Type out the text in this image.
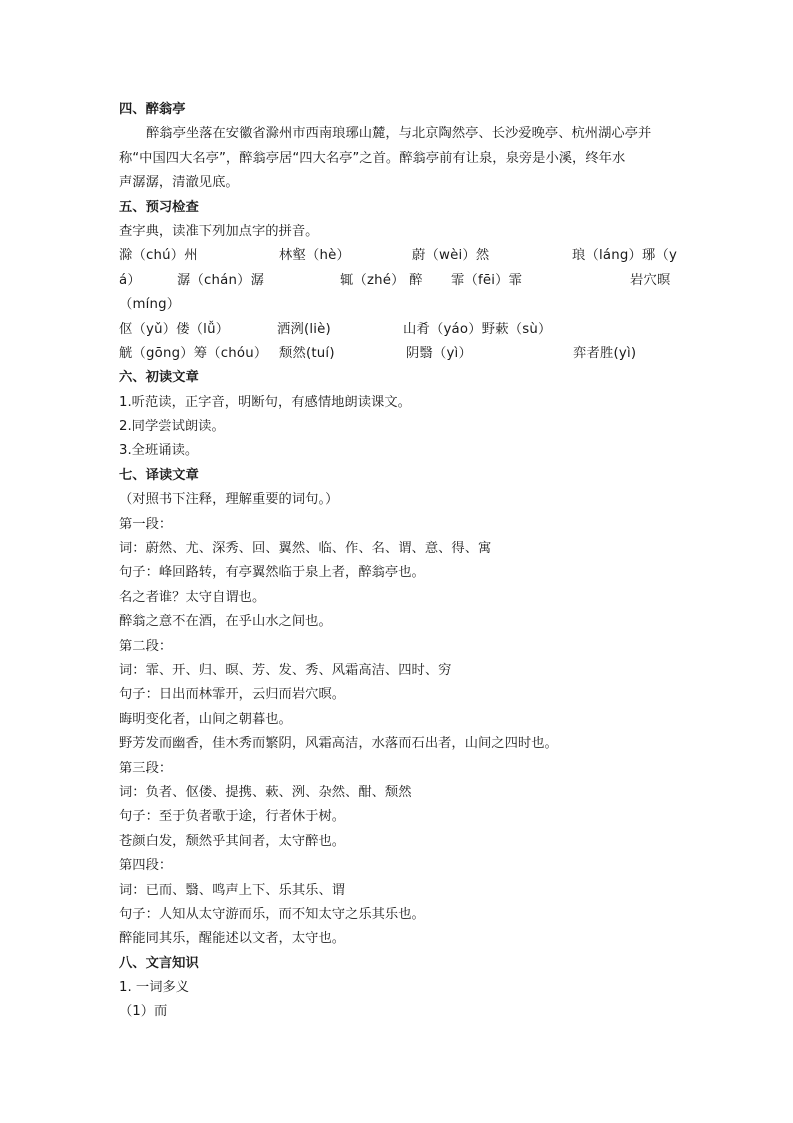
四、醉翁亭
醉翁亭坐落在安徽省滁州市西南琅琊山麓，与北京陶然亭、长沙爱晚亭、杭州湖心亭并
称“中国四大名亭”，醉翁亭居“四大名亭”之首。醉翁亭前有让泉，泉旁是小溪，终年水
声潺潺，清澈见底。
五、预习检查
查字典，读准下列加点字的拼音。
滁（chú）州	林壑（hè）	蔚（wèi）然	琅（láng）琊（y
á）	潺（chán）潺	辄（zhé） 醉 霏（fēi）霏	岩穴暝
（míng）
伛（yǔ）偻（lǚ）	洒洌(liè)	山肴（yáo）野蔌（sù）
觥（gōng）筹（chóu） 颓然(tuí)	阴翳（yì）	弈者胜(yì)
六、初读文章
1.听范读，正字音，明断句，有感情地朗读课文。
2.同学尝试朗读。
3.全班诵读。
七、译读文章
（对照书下注释，理解重要的词句。）
第一段：
词：蔚然、尤、深秀、回、翼然、临、作、名、谓、意、得、寓
句子：峰回路转，有亭翼然临于泉上者，醉翁亭也。
名之者谁？太守自谓也。
醉翁之意不在酒，在乎山水之间也。
第二段：
词：霏、开、归、暝、芳、发、秀、风霜高洁、四时、穷
句子：日出而林霏开，云归而岩穴暝。
晦明变化者，山间之朝暮也。
野芳发而幽香，佳木秀而繁阴，风霜高洁，水落而石出者，山间之四时也。
第三段：
词：负者、伛偻、提携、蔌、洌、杂然、酣、颓然
句子：至于负者歌于途，行者休于树。
苍颜白发，颓然乎其间者，太守醉也。
第四段：
词：已而、翳、鸣声上下、乐其乐、谓
句子：人知从太守游而乐，而不知太守之乐其乐也。
醉能同其乐，醒能述以文者，太守也。
八、文言知识
1. 一词多义
（1）而
